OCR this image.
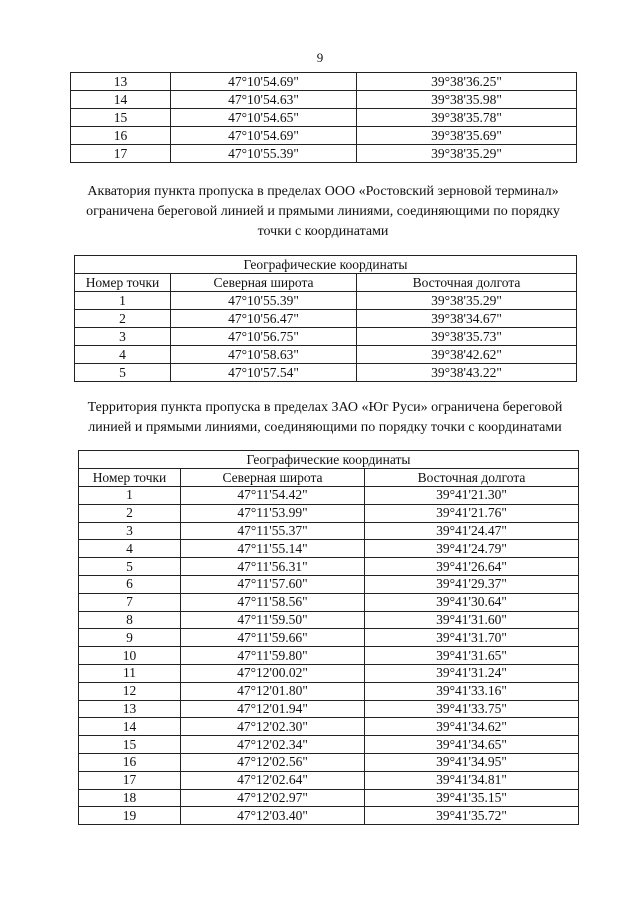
9
13	47°10'54.69"	39°38'36.25"
14	47°10'54.63"	39°38'35.98"
15	47°10'54.65"	39°38'35.78"
16	47°10'54.69"	39°38'35.69"
17	47°10'55.39"	39°38'35.29"
Акватория пункта пропуска в пределах ООО «Ростовский зерновой терминал» ограничена береговой линией и прямыми линиями, соединяющими по порядку точки с координатами
Географические координаты		
Номер точки	Северная широта	Восточная долгота
1	47°10'55.39"	39°38'35.29"
2	47°10'56.47"	39°38'34.67"
3	47°10'56.75"	39°38'35.73"
4	47°10'58.63"	39°38'42.62"
5	47°10'57.54"	39°38'43.22"
Территория пункта пропуска в пределах ЗАО «Юг Руси» ограничена береговой линией и прямыми линиями, соединяющими по порядку точки с координатами
Географические координаты		
Номер точки	Северная широта	Восточная долгота
1	47°11'54.42"	39°41'21.30"
2	47°11'53.99"	39°41'21.76"
3	47°11'55.37"	39°41'24.47"
4	47°11'55.14"	39°41'24.79"
5	47°11'56.31"	39°41'26.64"
6	47°11'57.60"	39°41'29.37"
7	47°11'58.56"	39°41'30.64"
8	47°11'59.50"	39°41'31.60"
9	47°11'59.66"	39°41'31.70"
10	47°11'59.80"	39°41'31.65"
11	47°12'00.02"	39°41'31.24"
12	47°12'01.80"	39°41'33.16"
13	47°12'01.94"	39°41'33.75"
14	47°12'02.30"	39°41'34.62"
15	47°12'02.34"	39°41'34.65"
16	47°12'02.56"	39°41'34.95"
17	47°12'02.64"	39°41'34.81"
18	47°12'02.97"	39°41'35.15"
19	47°12'03.40"	39°41'35.72"
